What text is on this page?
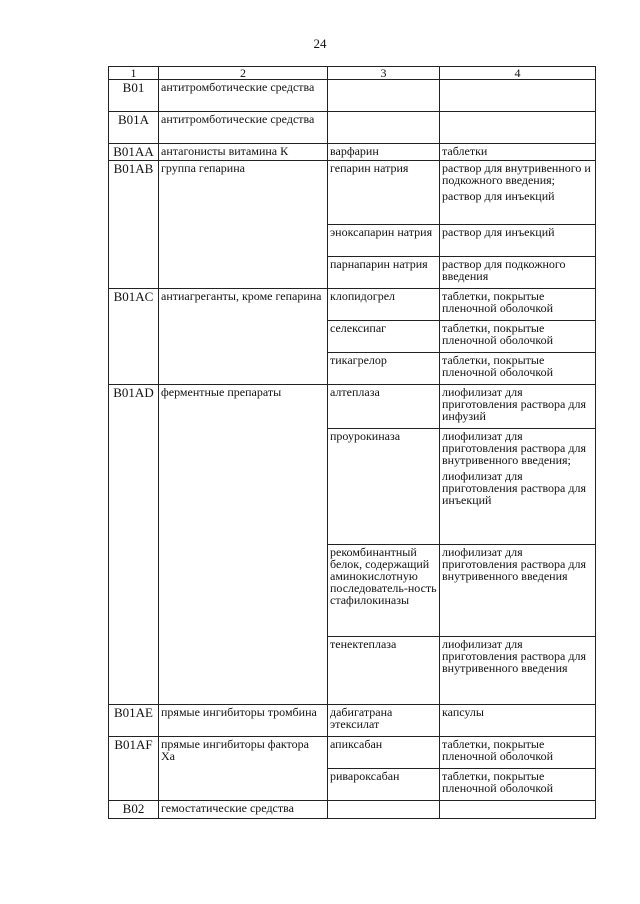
24
1	2	3	4
B01	антитромботические средства		

B01A	антитромботические средства		

B01AA	антагонисты витамина К	варфарин	таблетки

B01AB	группа гепарина	гепарин натрия	раствор для внутривенного и подкожного введения;
раствор для инъекций

		эноксапарин натрия	раствор для инъекций

		парнапарин натрия	раствор для подкожного введения

B01AC	антиагреганты, кроме гепарина	клопидогрел	таблетки, покрытые пленочной оболочкой

		селексипаг	таблетки, покрытые пленочной оболочкой

		тикагрелор	таблетки, покрытые пленочной оболочкой

B01AD	ферментные препараты	алтеплаза	лиофилизат для приготовления раствора для инфузий

		проурокиназа	лиофилизат для приготовления раствора для внутривенного введения;
лиофилизат для приготовления раствора для инъекций

		рекомбинантный белок, содержащий аминокислотную последователь-ность стафилокиназы	лиофилизат для приготовления раствора для внутривенного введения

		тенектеплаза	лиофилизат для приготовления раствора для внутривенного введения

B01AE	прямые ингибиторы тромбина	дабигатрана этексилат	капсулы

B01AF	прямые ингибиторы фактора Xa	апиксабан	таблетки, покрытые пленочной оболочкой

		ривароксабан	таблетки, покрытые пленочной оболочкой

B02	гемостатические средства		
